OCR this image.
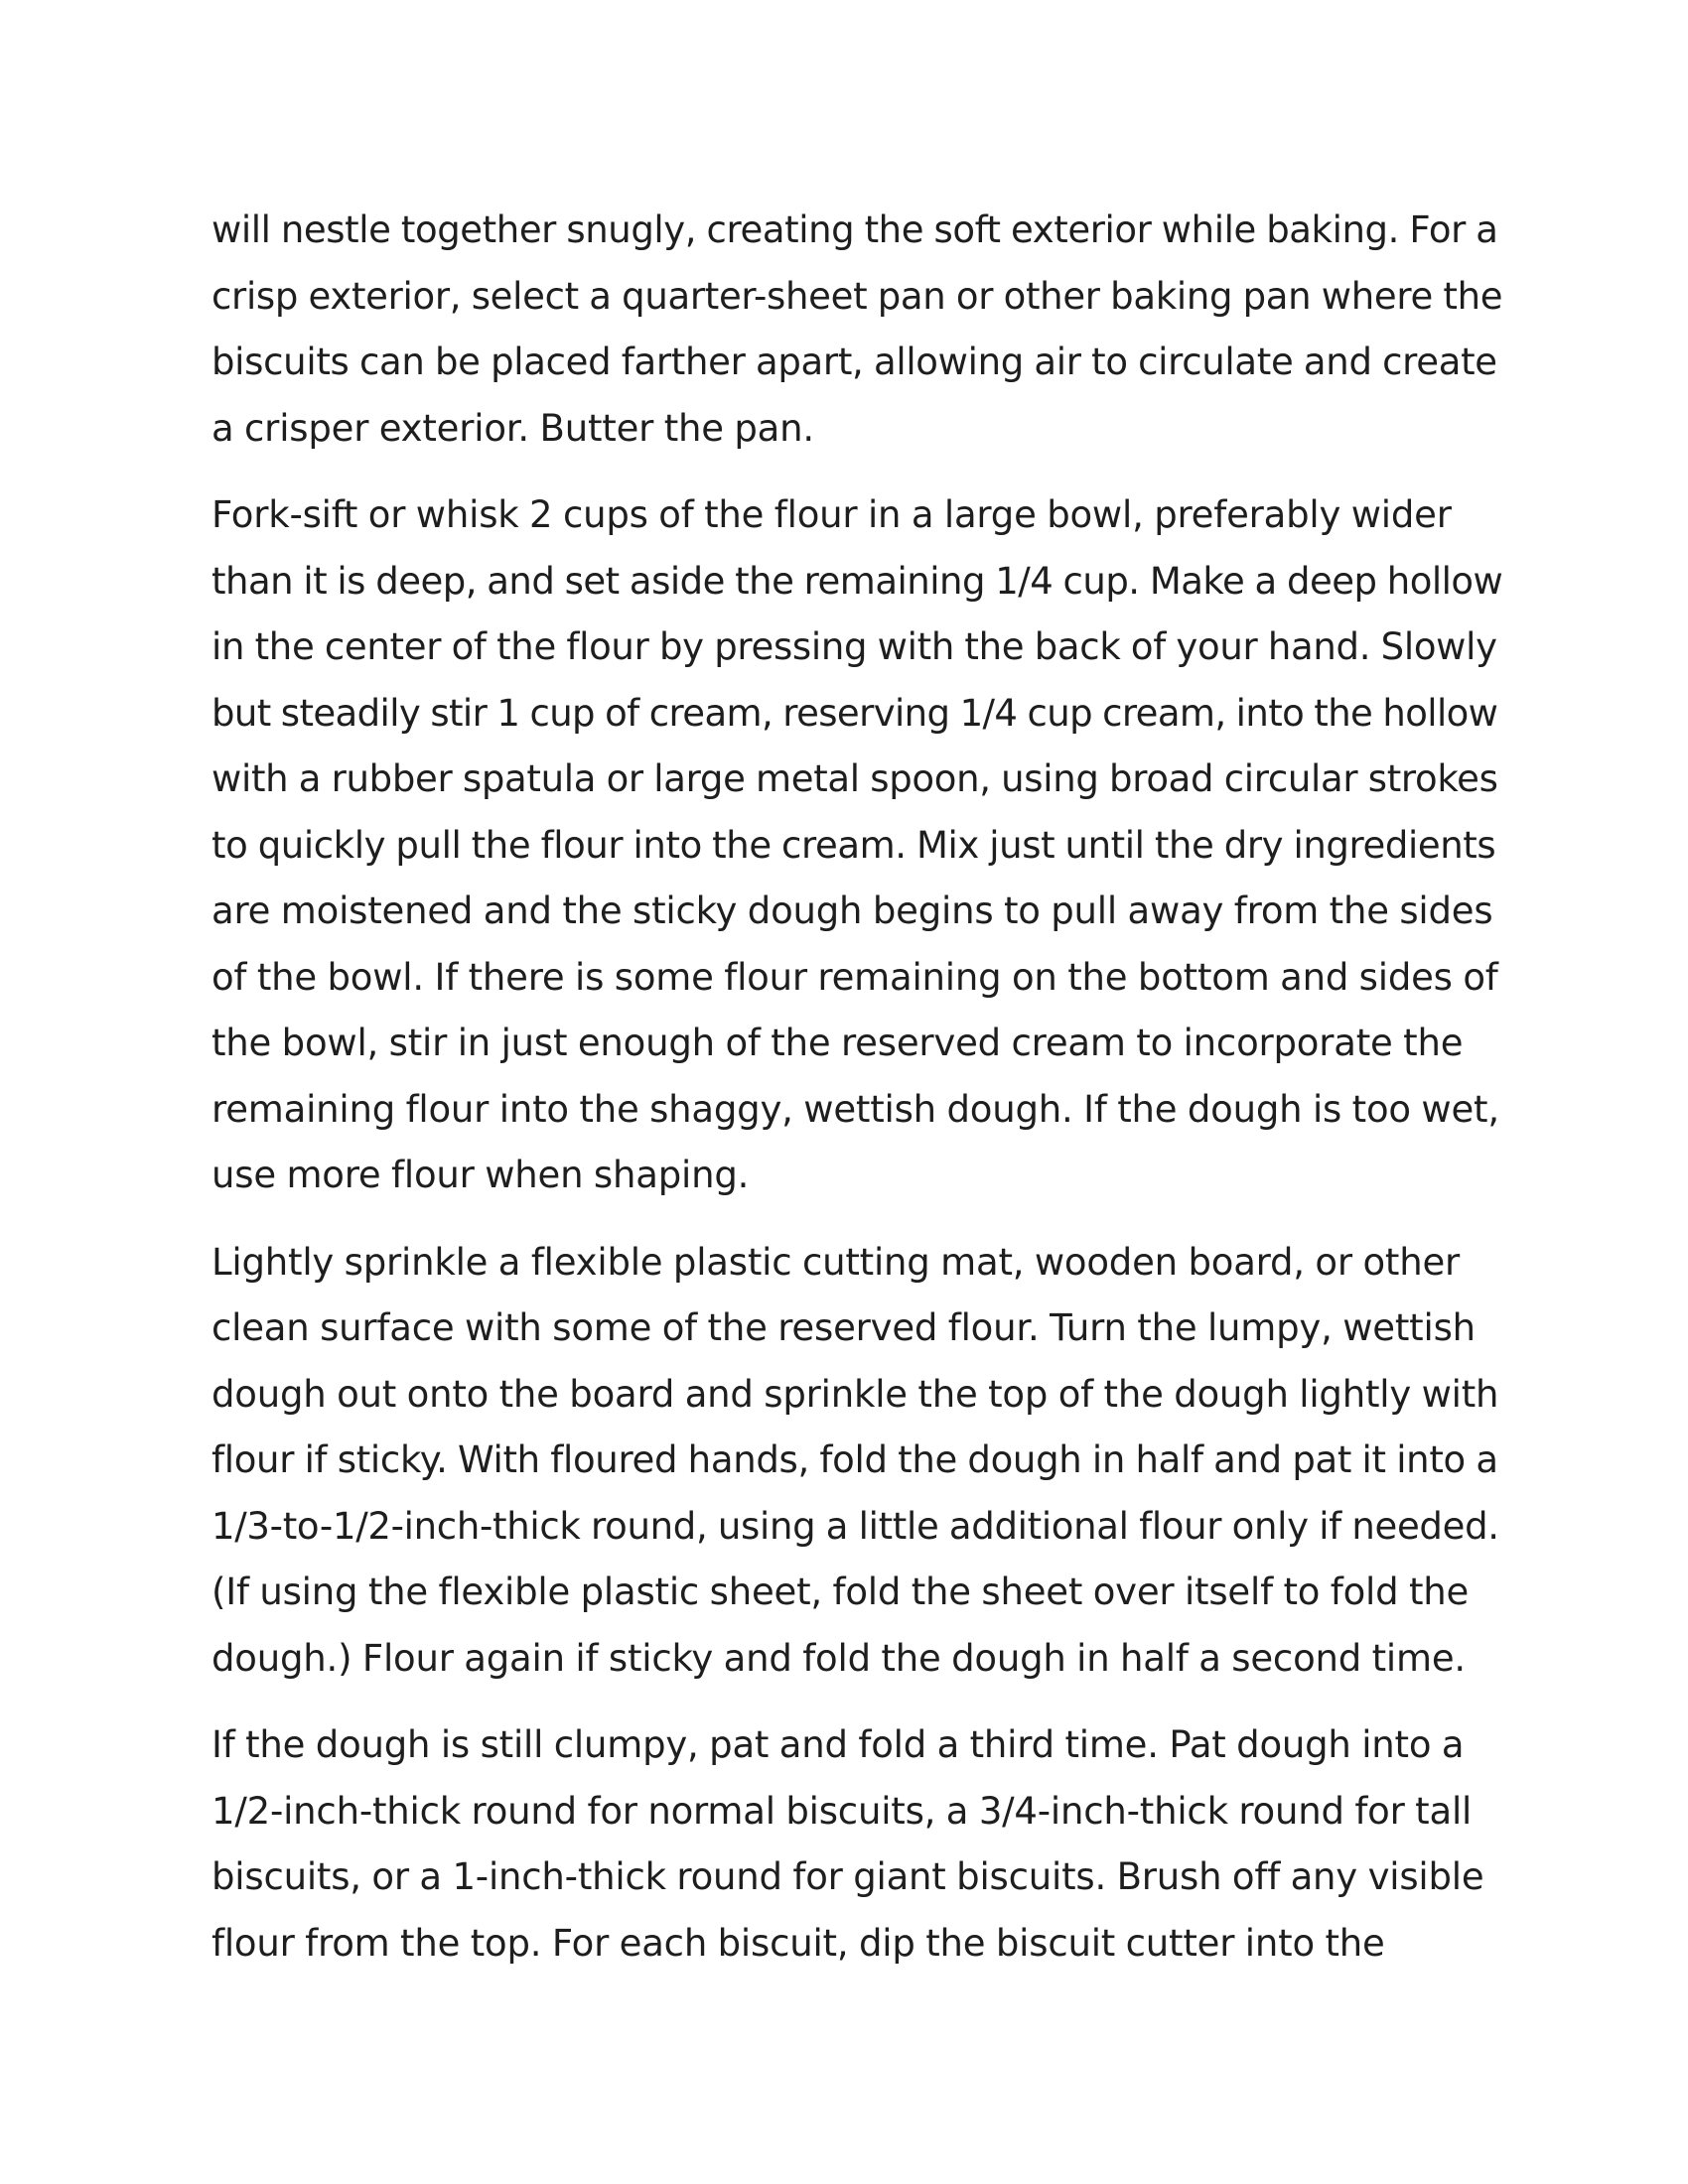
will nestle together snugly, creating the soft exterior while baking. For a
crisp exterior, select a quarter-sheet pan or other baking pan where the
biscuits can be placed farther apart, allowing air to circulate and create
a crisper exterior. Butter the pan.
Fork-sift or whisk 2 cups of the flour in a large bowl, preferably wider
than it is deep, and set aside the remaining 1/4 cup. Make a deep hollow
in the center of the flour by pressing with the back of your hand. Slowly
but steadily stir 1 cup of cream, reserving 1/4 cup cream, into the hollow
with a rubber spatula or large metal spoon, using broad circular strokes
to quickly pull the flour into the cream. Mix just until the dry ingredients
are moistened and the sticky dough begins to pull away from the sides
of the bowl. If there is some flour remaining on the bottom and sides of
the bowl, stir in just enough of the reserved cream to incorporate the
remaining flour into the shaggy, wettish dough. If the dough is too wet,
use more flour when shaping.
Lightly sprinkle a flexible plastic cutting mat, wooden board, or other
clean surface with some of the reserved flour. Turn the lumpy, wettish
dough out onto the board and sprinkle the top of the dough lightly with
flour if sticky. With floured hands, fold the dough in half and pat it into a
1/3-to-1/2-inch-thick round, using a little additional flour only if needed.
(If using the flexible plastic sheet, fold the sheet over itself to fold the
dough.) Flour again if sticky and fold the dough in half a second time.
If the dough is still clumpy, pat and fold a third time. Pat dough into a
1/2-inch-thick round for normal biscuits, a 3/4-inch-thick round for tall
biscuits, or a 1-inch-thick round for giant biscuits. Brush off any visible
flour from the top. For each biscuit, dip the biscuit cutter into the
